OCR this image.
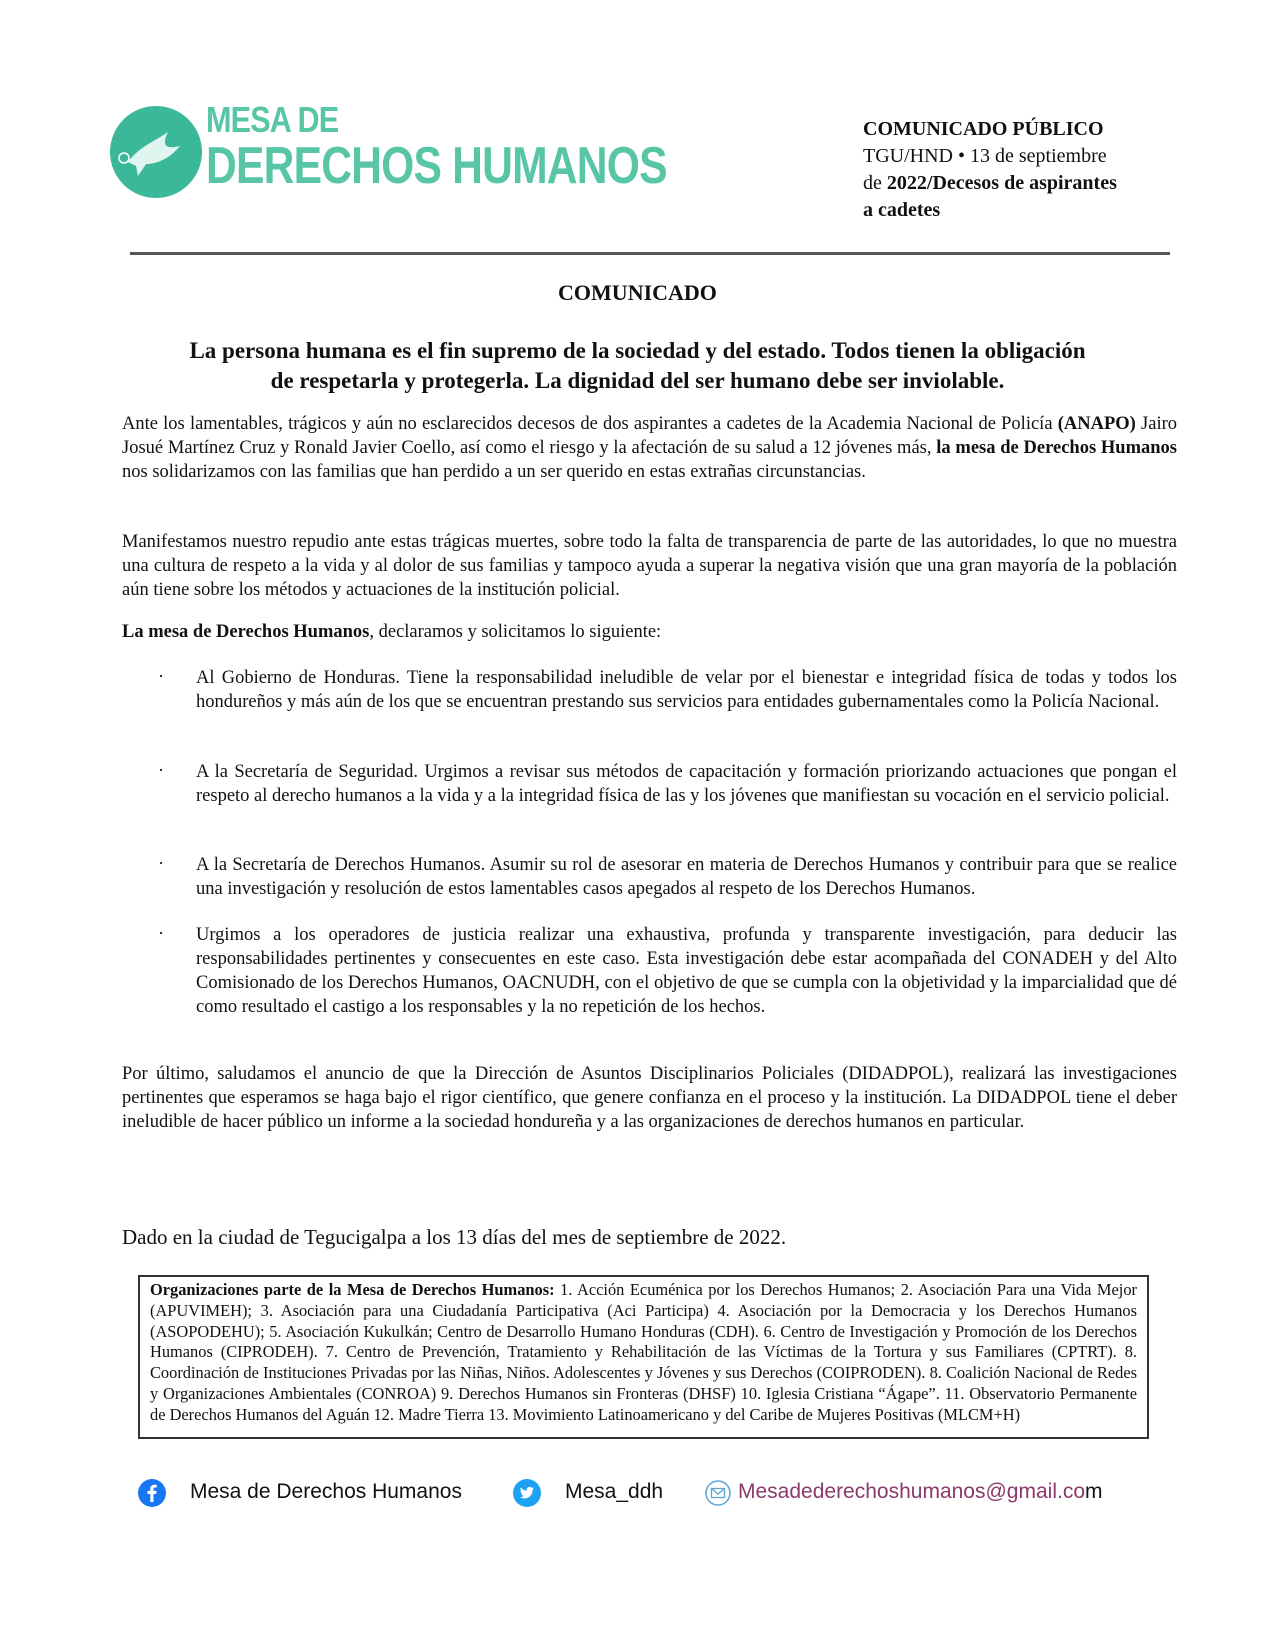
MESA DE
DERECHOS HUMANOS
COMUNICADO PÚBLICO
TGU/HND • 13 de septiembre
de 2022/Decesos de aspirantes
a cadetes
COMUNICADO
La persona humana es el fin supremo de la sociedad y del estado. Todos tienen la obligación
de respetarla y protegerla. La dignidad del ser humano debe ser inviolable.
Ante los lamentables, trágicos y aún no esclarecidos decesos de dos aspirantes a cadetes de la Academia Nacional de Policía (ANAPO) Jairo Josué Martínez Cruz y Ronald Javier Coello, así como el riesgo y la afectación de su salud a 12 jóvenes más, la mesa de Derechos Humanos nos solidarizamos con las familias que han perdido a un ser querido en estas extrañas circunstancias.
Manifestamos nuestro repudio ante estas trágicas muertes, sobre todo la falta de transparencia de parte de las autoridades, lo que no muestra una cultura de respeto a la vida y al dolor de sus familias y tampoco ayuda a superar la negativa visión que una gran mayoría de la población aún tiene sobre los métodos y actuaciones de la institución policial.
La mesa de Derechos Humanos, declaramos y solicitamos lo siguiente:
· Al Gobierno de Honduras. Tiene la responsabilidad ineludible de velar por el bienestar e integridad física de todas y todos los hondureños y más aún de los que se encuentran prestando sus servicios para entidades gubernamentales como la Policía Nacional.
· A la Secretaría de Seguridad. Urgimos a revisar sus métodos de capacitación y formación priorizando actuaciones que pongan el respeto al derecho humanos a la vida y a la integridad física de las y los jóvenes que manifiestan su vocación en el servicio policial.
· A la Secretaría de Derechos Humanos. Asumir su rol de asesorar en materia de Derechos Humanos y contribuir para que se realice una investigación y resolución de estos lamentables casos apegados al respeto de los Derechos Humanos.
· Urgimos a los operadores de justicia realizar una exhaustiva, profunda y transparente investigación, para deducir las responsabilidades pertinentes y consecuentes en este caso. Esta investigación debe estar acompañada del CONADEH y del Alto Comisionado de los Derechos Humanos, OACNUDH, con el objetivo de que se cumpla con la objetividad y la imparcialidad que dé como resultado el castigo a los responsables y la no repetición de los hechos.
Por último, saludamos el anuncio de que la Dirección de Asuntos Disciplinarios Policiales (DIDADPOL), realizará las investigaciones pertinentes que esperamos se haga bajo el rigor científico, que genere confianza en el proceso y la institución. La DIDADPOL tiene el deber ineludible de hacer público un informe a la sociedad hondureña y a las organizaciones de derechos humanos en particular.
Dado en la ciudad de Tegucigalpa a los 13 días del mes de septiembre de 2022.
Organizaciones parte de la Mesa de Derechos Humanos: 1. Acción Ecuménica por los Derechos Humanos; 2. Asociación Para una Vida Mejor (APUVIMEH); 3. Asociación para una Ciudadanía Participativa (Aci Participa) 4. Asociación por la Democracia y los Derechos Humanos (ASOPODEHU); 5. Asociación Kukulkán; Centro de Desarrollo Humano Honduras (CDH). 6. Centro de Investigación y Promoción de los Derechos Humanos (CIPRODEH). 7. Centro de Prevención, Tratamiento y Rehabilitación de las Víctimas de la Tortura y sus Familiares (CPTRT). 8. Coordinación de Instituciones Privadas por las Niñas, Niños. Adolescentes y Jóvenes y sus Derechos (COIPRODEN). 8. Coalición Nacional de Redes y Organizaciones Ambientales (CONROA) 9. Derechos Humanos sin Fronteras (DHSF) 10. Iglesia Cristiana “Ágape”. 11. Observatorio Permanente de Derechos Humanos del Aguán 12. Madre Tierra 13. Movimiento Latinoamericano y del Caribe de Mujeres Positivas (MLCM+H)
Mesa de Derechos Humanos	Mesa_ddh	Mesadederechoshumanos@gmail.com
